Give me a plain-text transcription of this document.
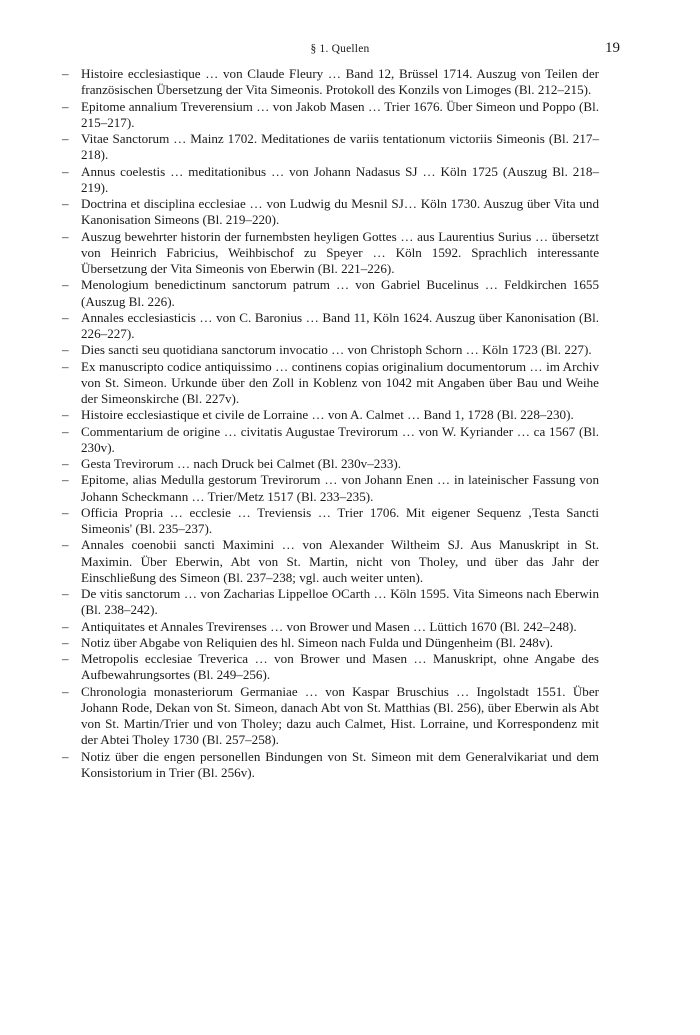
§ 1. Quellen	19
– Histoire ecclesiastique … von Claude Fleury … Band 12, Brüssel 1714. Auszug von Teilen der französischen Übersetzung der Vita Simeonis. Protokoll des Konzils von Limoges (Bl. 212–215).
– Epitome annalium Treverensium … von Jakob Masen … Trier 1676. Über Simeon und Poppo (Bl. 215–217).
– Vitae Sanctorum … Mainz 1702. Meditationes de variis tentationum victoriis Simeonis (Bl. 217–218).
– Annus coelestis … meditationibus … von Johann Nadasus SJ … Köln 1725 (Auszug Bl. 218–219).
– Doctrina et disciplina ecclesiae … von Ludwig du Mesnil SJ… Köln 1730. Auszug über Vita und Kanonisation Simeons (Bl. 219–220).
– Auszug bewehrter historin der furnembsten heyligen Gottes … aus Laurentius Surius … übersetzt von Heinrich Fabricius, Weihbischof zu Speyer … Köln 1592. Sprachlich interessante Übersetzung der Vita Simeonis von Eberwin (Bl. 221–226).
– Menologium benedictinum sanctorum patrum … von Gabriel Bucelinus … Feldkirchen 1655 (Auszug Bl. 226).
– Annales ecclesiasticis … von C. Baronius … Band 11, Köln 1624. Auszug über Kanonisation (Bl. 226–227).
– Dies sancti seu quotidiana sanctorum invocatio … von Christoph Schorn … Köln 1723 (Bl. 227).
– Ex manuscripto codice antiquissimo … continens copias originalium documentorum … im Archiv von St. Simeon. Urkunde über den Zoll in Koblenz von 1042 mit Angaben über Bau und Weihe der Simeonskirche (Bl. 227v).
– Histoire ecclesiastique et civile de Lorraine … von A. Calmet … Band 1, 1728 (Bl. 228–230).
– Commentarium de origine … civitatis Augustae Trevirorum … von W. Kyriander … ca 1567 (Bl. 230v).
– Gesta Trevirorum … nach Druck bei Calmet (Bl. 230v–233).
– Epitome, alias Medulla gestorum Trevirorum … von Johann Enen … in lateinischer Fassung von Johann Scheckmann … Trier/Metz 1517 (Bl. 233–235).
– Officia Propria … ecclesie … Treviensis … Trier 1706. Mit eigener Sequenz ‚Testa Sancti Simeonis' (Bl. 235–237).
– Annales coenobii sancti Maximini … von Alexander Wiltheim SJ. Aus Manuskript in St. Maximin. Über Eberwin, Abt von St. Martin, nicht von Tholey, und über das Jahr der Einschließung des Simeon (Bl. 237–238; vgl. auch weiter unten).
– De vitis sanctorum … von Zacharias Lippelloe OCarth … Köln 1595. Vita Simeons nach Eberwin (Bl. 238–242).
– Antiquitates et Annales Trevirenses … von Brower und Masen … Lüttich 1670 (Bl. 242–248).
– Notiz über Abgabe von Reliquien des hl. Simeon nach Fulda und Düngenheim (Bl. 248v).
– Metropolis ecclesiae Treverica … von Brower und Masen … Manuskript, ohne Angabe des Aufbewahrungsortes (Bl. 249–256).
– Chronologia monasteriorum Germaniae … von Kaspar Bruschius … Ingolstadt 1551. Über Johann Rode, Dekan von St. Simeon, danach Abt von St. Matthias (Bl. 256), über Eberwin als Abt von St. Martin/Trier und von Tholey; dazu auch Calmet, Hist. Lorraine, und Korrespondenz mit der Abtei Tholey 1730 (Bl. 257–258).
– Notiz über die engen personellen Bindungen von St. Simeon mit dem Generalvikariat und dem Konsistorium in Trier (Bl. 256v).
